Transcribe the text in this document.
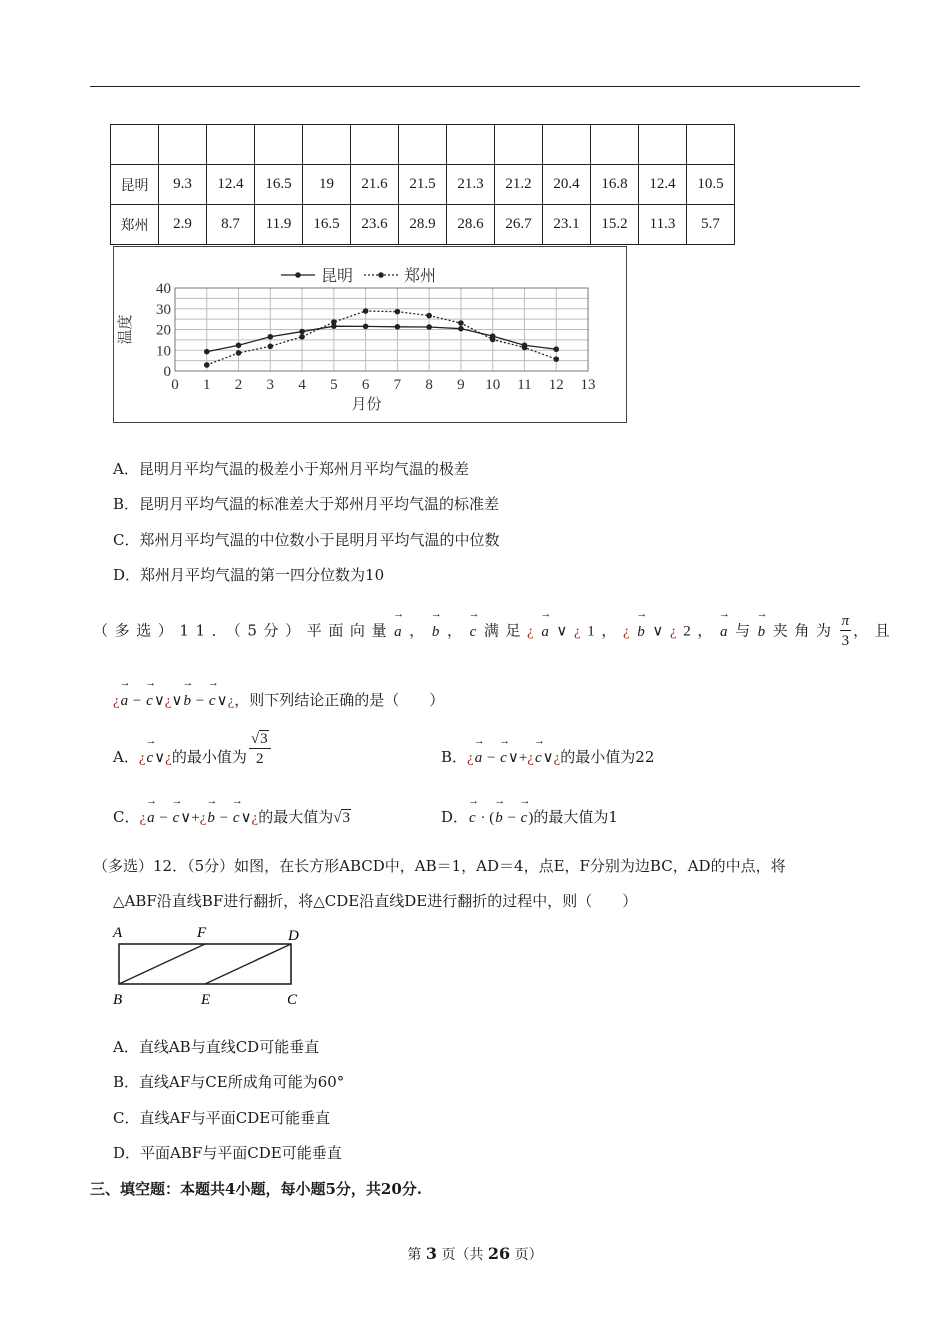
昆明	9.3	12.4	16.5	19	21.6	21.5	21.3	21.2	20.4	16.8	12.4	10.5
郑州	2.9	8.7	11.9	16.5	23.6	28.9	28.6	26.7	23.1	15.2	11.3	5.7
0 1 2 3 4 5 6 7 8 9 10 11 12 13
0
10
20
30
40
月份
温度
昆明	郑州
A．昆明月平均气温的极差小于郑州月平均气温的极差
B．昆明月平均气温的标准差大于郑州月平均气温的标准差
C．郑州月平均气温的中位数小于昆明月平均气温的中位数
D．郑州月平均气温的第一四分位数为10
（多选）11．（5分）平面向量→ a，→ b，→ c满足¿→ a∨¿1，¿→ b∨¿2，→ a与→ b夹角为 $\frac{\pi}{3}$ ，且
¿→ a − → c∨¿∨→ b − → c∨¿，则下列结论正确的是（　　）
A．¿→ c∨¿的最小值为 $\frac{√3}{2}$	B．¿→ a − → c∨+¿→ c∨¿的最小值为22
C．¿→ a − → c∨+¿→ b − → c∨¿的最大值为√3	D．→ c · (→ b − → c)的最大值为1
（多选）12．（5分）如图，在长方形ABCD中，AB＝1，AD＝4，点E，F分别为边BC，AD的中点，将
△ABF沿直线BF进行翻折，将△CDE沿直线DE进行翻折的过程中，则（　　）
A	F	D
B	E	C
A．直线AB与直线CD可能垂直
B．直线AF与CE所成角可能为60°
C．直线AF与平面CDE可能垂直
D．平面ABF与平面CDE可能垂直
三、填空题：本题共4小题，每小题5分，共20分.
第 3 页（共 26 页）
